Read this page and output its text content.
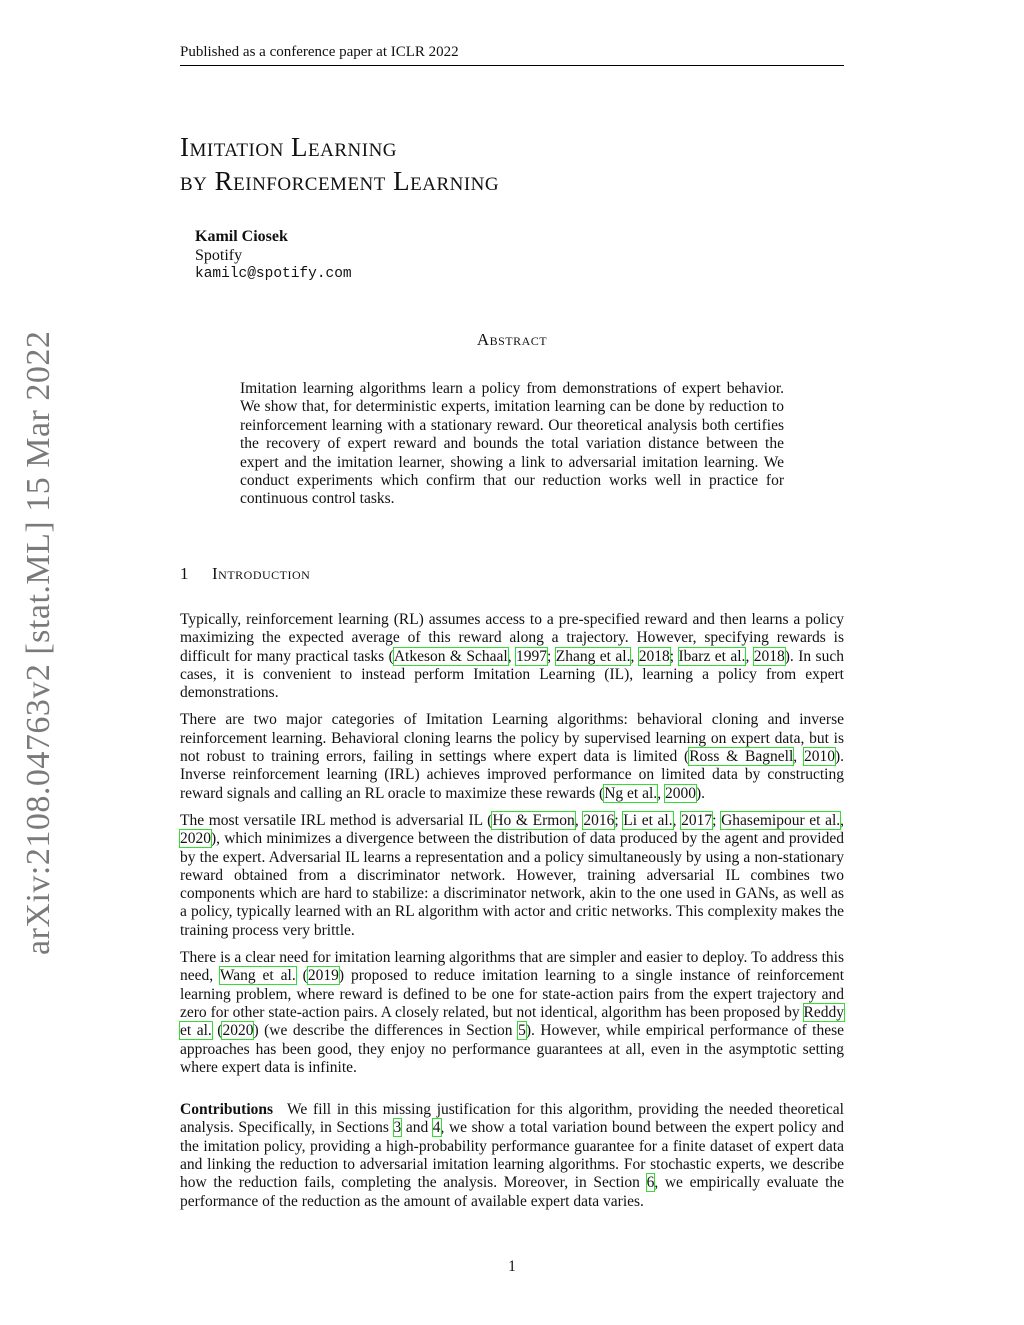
Published as a conference paper at ICLR 2022
Imitation Learning
by Reinforcement Learning
Kamil Ciosek
Spotify
kamilc@spotify.com
arXiv:2108.04763v2 [stat.ML] 15 Mar 2022	Abstract

Imitation learning algorithms learn a policy from demonstrations of expert behavior. We show that, for deterministic experts, imitation learning can be done by reduction to reinforcement learning with a stationary reward. Our theoretical analysis both certifies the recovery of expert reward and bounds the total variation distance between the expert and the imitation learner, showing a link to adversarial imitation learning. We conduct experiments which confirm that our reduction works well in practice for continuous control tasks.

1 Introduction

Typically, reinforcement learning (RL) assumes access to a pre-specified reward and then learns a policy maximizing the expected average of this reward along a trajectory. However, specifying rewards is difficult for many practical tasks (Atkeson & Schaal, 1997; Zhang et al., 2018; Ibarz et al., 2018). In such cases, it is convenient to instead perform Imitation Learning (IL), learning a policy from expert demonstrations.

There are two major categories of Imitation Learning algorithms: behavioral cloning and inverse reinforcement learning. Behavioral cloning learns the policy by supervised learning on expert data, but is not robust to training errors, failing in settings where expert data is limited (Ross & Bagnell, 2010). Inverse reinforcement learning (IRL) achieves improved performance on limited data by constructing reward signals and calling an RL oracle to maximize these rewards (Ng et al., 2000).

The most versatile IRL method is adversarial IL (Ho & Ermon, 2016; Li et al., 2017; Ghasemipour et al., 2020), which minimizes a divergence between the distribution of data produced by the agent and provided by the expert. Adversarial IL learns a representation and a policy simultaneously by using a non-stationary reward obtained from a discriminator network. However, training adversarial IL combines two components which are hard to stabilize: a discriminator network, akin to the one used in GANs, as well as a policy, typically learned with an RL algorithm with actor and critic networks. This complexity makes the training process very brittle.

There is a clear need for imitation learning algorithms that are simpler and easier to deploy. To address this need, Wang et al. (2019) proposed to reduce imitation learning to a single instance of reinforcement learning problem, where reward is defined to be one for state-action pairs from the expert trajectory and zero for other state-action pairs. A closely related, but not identical, algorithm has been proposed by Reddy et al. (2020) (we describe the differences in Section 5). However, while empirical performance of these approaches has been good, they enjoy no performance guarantees at all, even in the asymptotic setting where expert data is infinite.

Contributions We fill in this missing justification for this algorithm, providing the needed theoretical analysis. Specifically, in Sections 3 and 4, we show a total variation bound between the expert policy and the imitation policy, providing a high-probability performance guarantee for a finite dataset of expert data and linking the reduction to adversarial imitation learning algorithms. For stochastic experts, we describe how the reduction fails, completing the analysis. Moreover, in Section 6, we empirically evaluate the performance of the reduction as the amount of available expert data varies.

1
